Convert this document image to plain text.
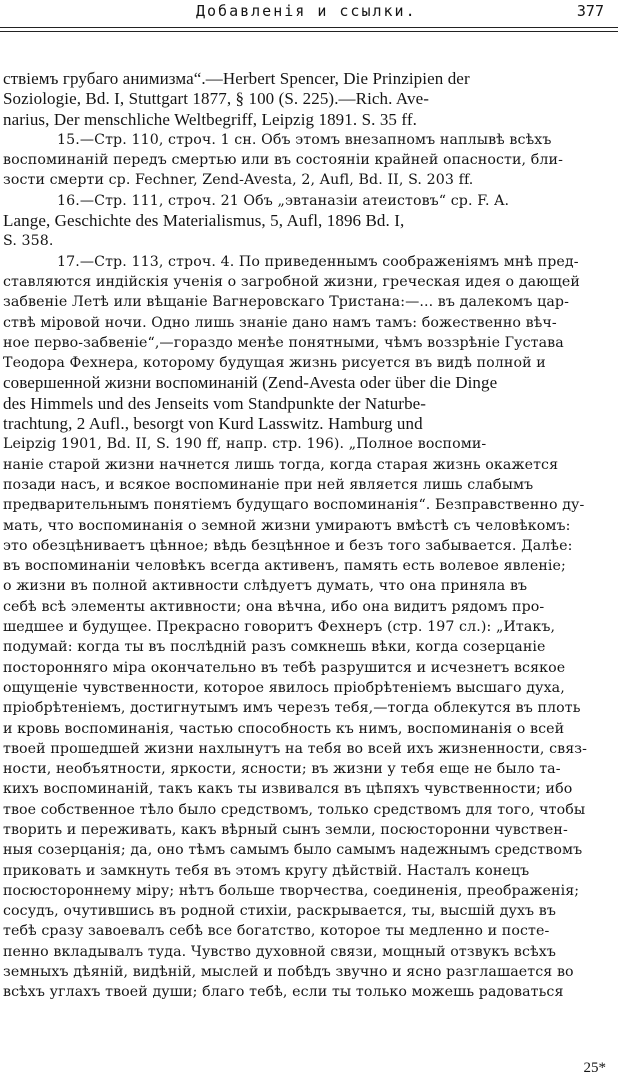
Добавленія и ссылки.	377
ствіемъ грубаго анимизма“.—Herbert Spencer, Die Prinzipien der
Soziologie, Bd. I, Stuttgart 1877, § 100 (S. 225).—Rich. Ave-
narius, Der menschliche Weltbegriff, Leipzig 1891. S. 35 ff.
15.—Стр. 110, строч. 1 сн. Объ этомъ внезапномъ наплывѣ всѣхъ
воспоминанiй передъ смертью или въ состоянiи крайней опасности, бли-
зости смерти ср. Fechner, Zend-Avesta, 2, Aufl, Bd. II, S. 203 ff.
16.—Стр. 111, строч. 21 Объ „эвтаназiи атеистовъ“ ср. F. A.
Lange, Geschichte des Materialismus, 5, Aufl, 1896 Bd. I,
S. 358.
17.—Стр. 113, строч. 4. По приведеннымъ соображенiямъ мнѣ пред-
ставляются индiйскiя ученiя о загробной жизни, греческая идея о дающей
забвенiе Летѣ или вѣщанiе Вагнеровскаго Тристана:—... въ далекомъ цар-
ствѣ мiровой ночи. Одно лишь знанiе дано намъ тамъ: божественно вѣч-
ное перво-забвенiе“,—гораздо менѣе понятными, чѣмъ воззрѣнiе Густава
Теодора Фехнера, которому будущая жизнь рисуется въ видѣ полной и
совершенной жизни воспоминанiй (Zend-Avesta oder über die Dinge
des Himmels und des Jenseits vom Standpunkte der Naturbe-
trachtung, 2 Aufl., besorgt von Kurd Lasswitz. Hamburg und
Leipzig 1901, Bd. II, S. 190 ff, напр. стр. 196). „Полное воспоми-
нанiе старой жизни начнется лишь тогда, когда старая жизнь окажется
позади насъ, и всякое воспоминанiе при ней является лишь слабымъ
предварительнымъ понятiемъ будущаго воспоминанiя“. Безправственно ду-
мать, что воспоминанiя о земной жизни умираютъ вмѣстѣ съ человѣкомъ:
это обезцѣниваетъ цѣнное; вѣдь безцѣнное и безъ того забывается. Далѣе:
въ воспоминанiи человѣкъ всегда активенъ, память есть волевое явленiе;
о жизни въ полной активности слѣдуетъ думать, что она приняла въ
себѣ всѣ элементы активности; она вѣчна, ибо она видитъ рядомъ про-
шедшее и будущее. Прекрасно говоритъ Фехнеръ (стр. 197 сл.): „Итакъ,
подумай: когда ты въ послѣднiй разъ сомкнешь вѣки, когда созерцанiе
посторонняго мiра окончательно въ тебѣ разрушится и исчезнетъ всякое
ощущенiе чувственности, которое явилось прiобрѣтенiемъ высшаго духа,
прiобрѣтенiемъ, достигнутымъ имъ черезъ тебя,—тогда облекутся въ плоть
и кровь воспоминанiя, частью способность къ нимъ, воспоминанiя о всей
твоей прошедшей жизни нахлынутъ на тебя во всей ихъ жизненности, связ-
ности, необъятности, яркости, ясности; въ жизни у тебя еще не было та-
кихъ воспоминанiй, такъ какъ ты извивался въ цѣпяхъ чувственности; ибо
твое собственное тѣло было средствомъ, только средствомъ для того, чтобы
творить и переживать, какъ вѣрный сынъ земли, посюсторонни чувствен-
ныя созерцанiя; да, оно тѣмъ самымъ было самымъ надежнымъ средствомъ
приковать и замкнуть тебя въ этомъ кругу дѣйствiй. Насталъ конецъ
посюстороннему мiру; нѣтъ больше творчества, соединенiя, преображенiя;
сосудъ, очутившись въ родной стихiи, раскрывается, ты, высшiй духъ въ
тебѣ сразу завоевалъ себѣ все богатство, которое ты медленно и посте-
пенно вкладывалъ туда. Чувство духовной связи, мощный отзвукъ всѣхъ
земныхъ дѣянiй, видѣнiй, мыслей и побѣдъ звучно и ясно разглашается во
всѣхъ углахъ твоей души; благо тебѣ, если ты только можешь радоваться
25*
